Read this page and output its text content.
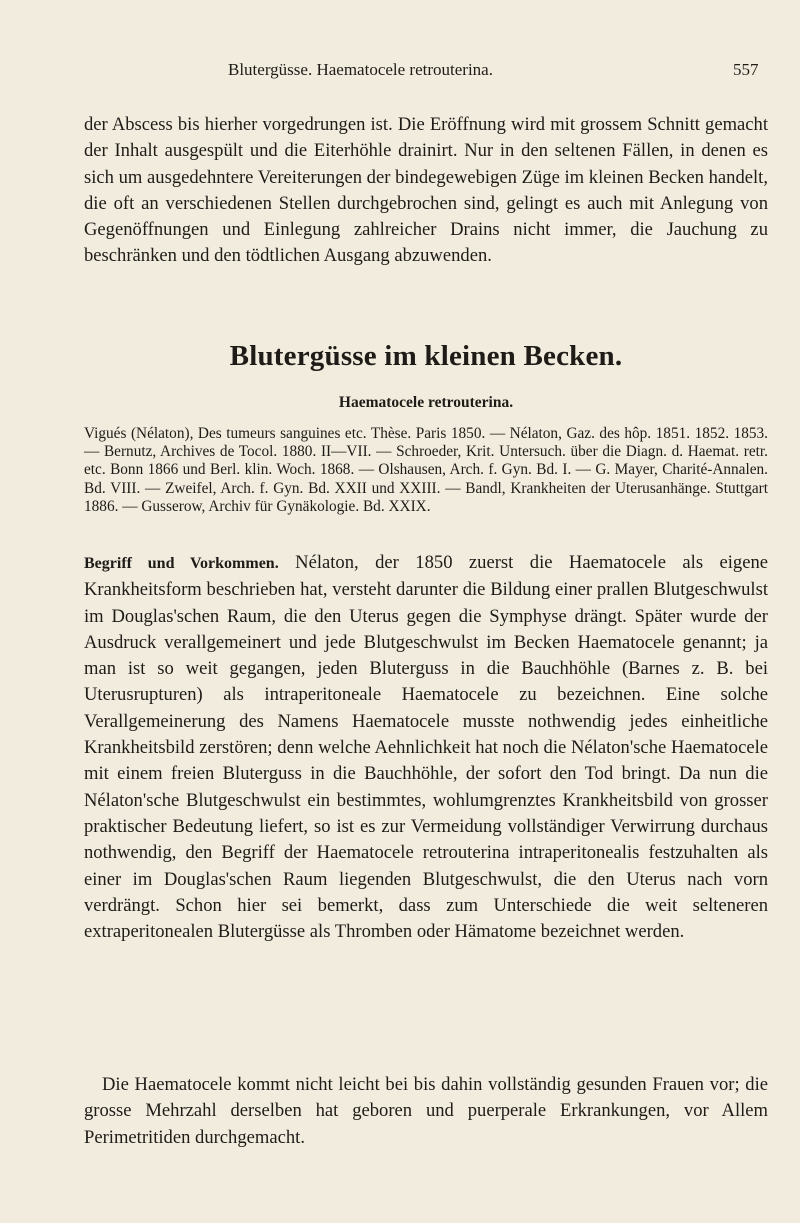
Blutergüsse. Haematocele retrouterina.	557

der Abscess bis hierher vorgedrungen ist. Die Eröffnung wird mit grossem Schnitt gemacht der Inhalt ausgespült und die Eiterhöhle drainirt. Nur in den seltenen Fällen, in denen es sich um ausgedehntere Vereiterungen der bindegewebigen Züge im kleinen Becken handelt, die oft an verschiedenen Stellen durchgebrochen sind, gelingt es auch mit Anlegung von Gegenöffnungen und Einlegung zahlreicher Drains nicht immer, die Jauchung zu beschränken und den tödtlichen Ausgang abzuwenden.

Blutergüsse im kleinen Becken.
Haematocele retrouterina.

Vigués (Nélaton), Des tumeurs sanguines etc. Thèse. Paris 1850. — Nélaton, Gaz. des hôp. 1851. 1852. 1853. — Bernutz, Archives de Tocol. 1880. II—VII. — Schroeder, Krit. Untersuch. über die Diagn. d. Haemat. retr. etc. Bonn 1866 und Berl. klin. Woch. 1868. — Olshausen, Arch. f. Gyn. Bd. I. — G. Mayer, Charité-Annalen. Bd. VIII. — Zweifel, Arch. f. Gyn. Bd. XXII und XXIII. — Bandl, Krankheiten der Uterusanhänge. Stuttgart 1886. — Gusserow, Archiv für Gynäkologie. Bd. XXIX.

Begriff und Vorkommen. Nélaton, der 1850 zuerst die Haematocele als eigene Krankheitsform beschrieben hat, versteht darunter die Bildung einer prallen Blutgeschwulst im Douglas'schen Raum, die den Uterus gegen die Symphyse drängt. Später wurde der Ausdruck verallgemeinert und jede Blutgeschwulst im Becken Haematocele genannt; ja man ist so weit gegangen, jeden Bluterguss in die Bauchhöhle (Barnes z. B. bei Uterusrupturen) als intraperitoneale Haematocele zu bezeichnen. Eine solche Verallgemeinerung des Namens Haematocele musste nothwendig jedes einheitliche Krankheitsbild zerstören; denn welche Aehnlichkeit hat noch die Nélaton'sche Haematocele mit einem freien Bluterguss in die Bauchhöhle, der sofort den Tod bringt. Da nun die Nélaton'sche Blutgeschwulst ein bestimmtes, wohlumgrenztes Krankheitsbild von grosser praktischer Bedeutung liefert, so ist es zur Vermeidung vollständiger Verwirrung durchaus nothwendig, den Begriff der Haematocele retrouterina intraperitonealis festzuhalten als einer im Douglas'schen Raum liegenden Blutgeschwulst, die den Uterus nach vorn verdrängt. Schon hier sei bemerkt, dass zum Unterschiede die weit selteneren extraperitonealen Blutergüsse als Thromben oder Hämatome bezeichnet werden.

Die Haematocele kommt nicht leicht bei bis dahin vollständig gesunden Frauen vor; die grosse Mehrzahl derselben hat geboren und puerperale Erkrankungen, vor Allem Perimetritiden durchgemacht.
